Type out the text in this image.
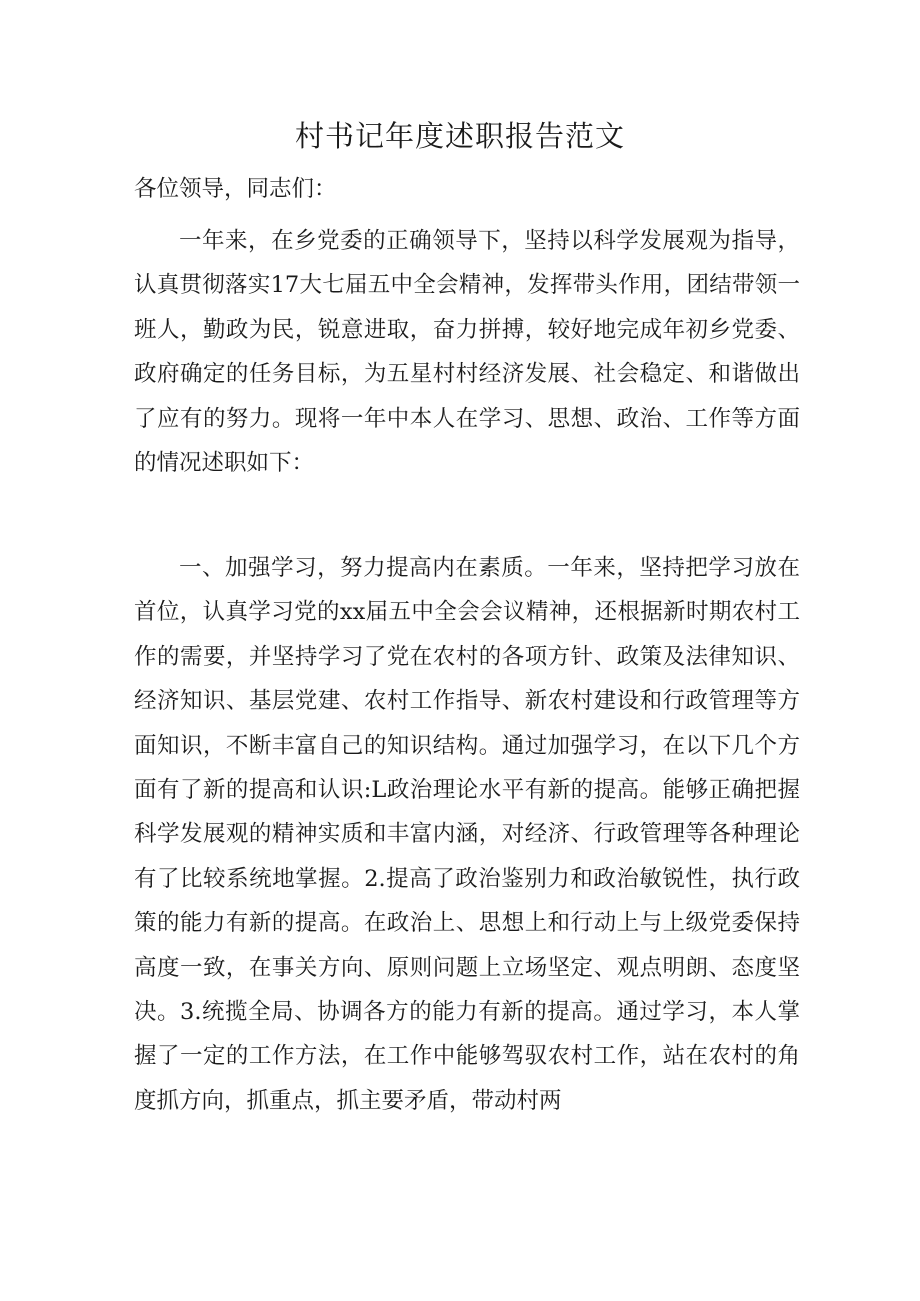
村书记年度述职报告范文

各位领导，同志们：

一年来，在乡党委的正确领导下，坚持以科学发展观为指导，认真贯彻落实17大七届五中全会精神，发挥带头作用，团结带领一班人，勤政为民，锐意进取，奋力拼搏，较好地完成年初乡党委、政府确定的任务目标，为五星村村经济发展、社会稳定、和谐做出了应有的努力。现将一年中本人在学习、思想、政治、工作等方面的情况述职如下：

一、加强学习，努力提高内在素质。一年来，坚持把学习放在首位，认真学习党的xx届五中全会会议精神，还根据新时期农村工作的需要，并坚持学习了党在农村的各项方针、政策及法律知识、经济知识、基层党建、农村工作指导、新农村建设和行政管理等方面知识，不断丰富自己的知识结构。通过加强学习，在以下几个方面有了新的提高和认识:L政治理论水平有新的提高。能够正确把握科学发展观的精神实质和丰富内涵，对经济、行政管理等各种理论有了比较系统地掌握。2.提高了政治鉴别力和政治敏锐性，执行政策的能力有新的提高。在政治上、思想上和行动上与上级党委保持高度一致，在事关方向、原则问题上立场坚定、观点明朗、态度坚决。3.统揽全局、协调各方的能力有新的提高。通过学习，本人掌握了一定的工作方法，在工作中能够驾驭农村工作，站在农村的角度抓方向，抓重点，抓主要矛盾，带动村两
